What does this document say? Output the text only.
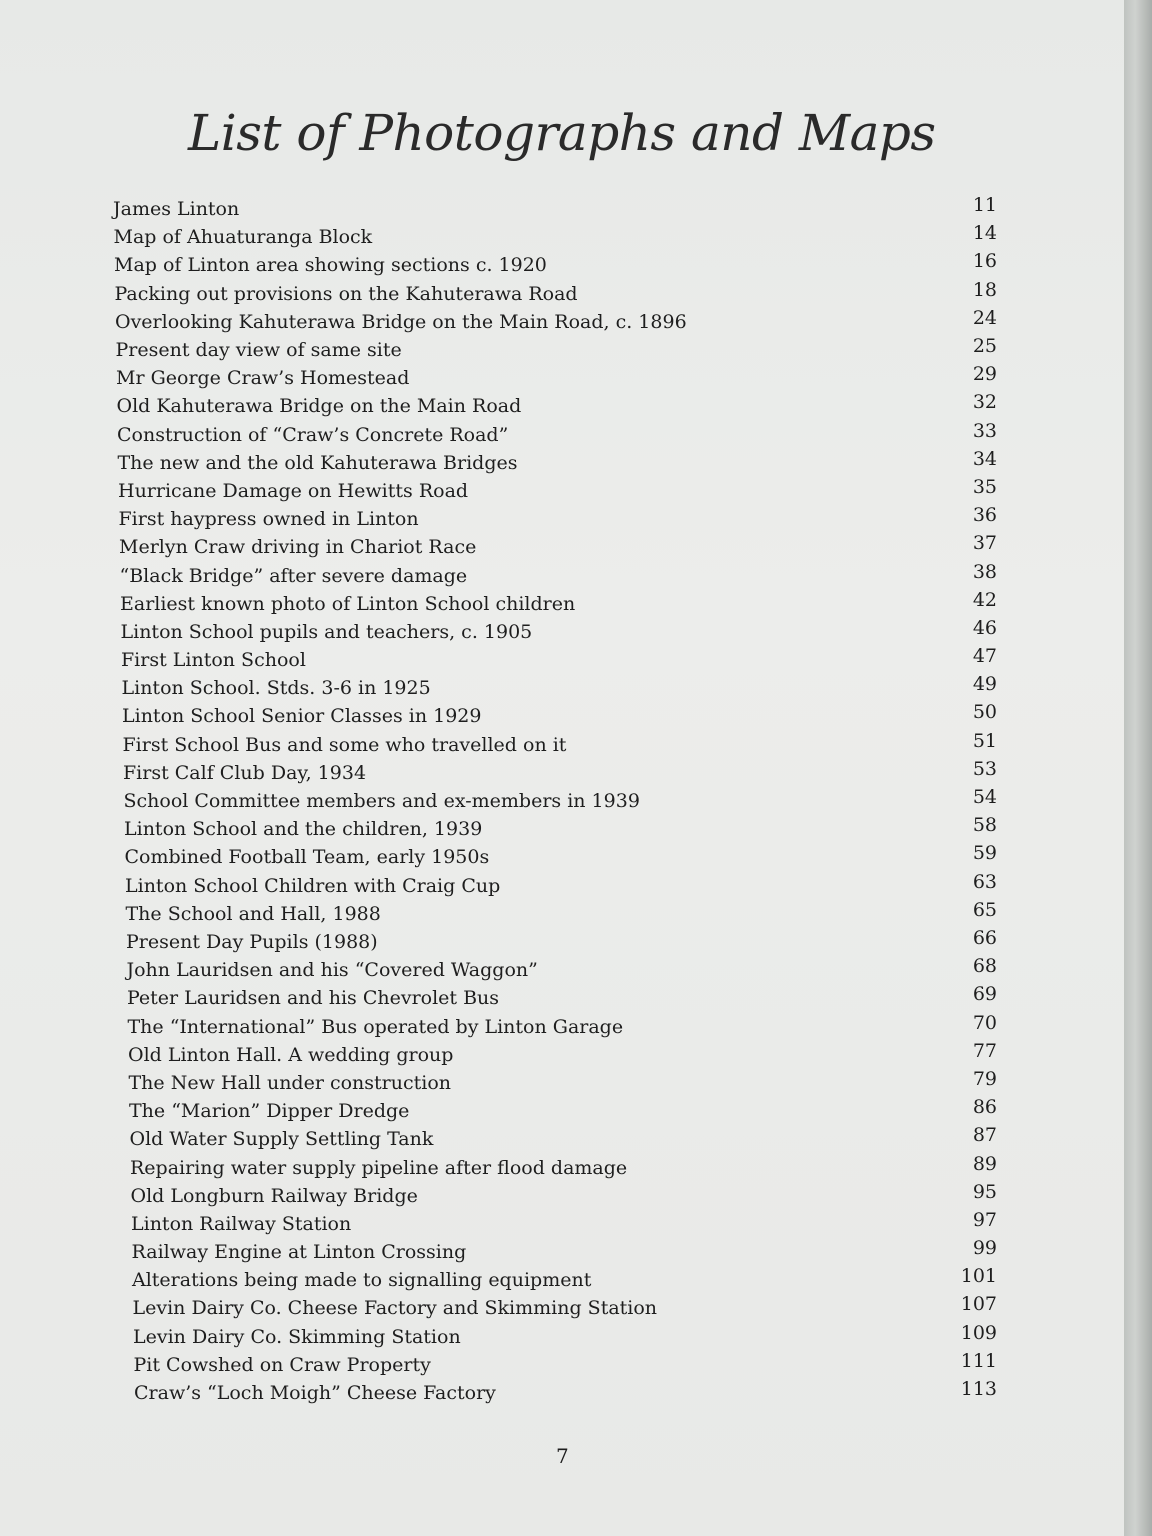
List of Photographs and Maps
James Linton	11
Map of Ahuaturanga Block	14
Map of Linton area showing sections c. 1920	16
Packing out provisions on the Kahuterawa Road	18
Overlooking Kahuterawa Bridge on the Main Road, c. 1896	24
Present day view of same site	25
Mr George Craw’s Homestead	29
Old Kahuterawa Bridge on the Main Road	32
Construction of “Craw’s Concrete Road”	33
The new and the old Kahuterawa Bridges	34
Hurricane Damage on Hewitts Road	35
First haypress owned in Linton	36
Merlyn Craw driving in Chariot Race	37
“Black Bridge” after severe damage	38
Earliest known photo of Linton School children	42
Linton School pupils and teachers, c. 1905	46
First Linton School	47
Linton School. Stds. 3-6 in 1925	49
Linton School Senior Classes in 1929	50
First School Bus and some who travelled on it	51
First Calf Club Day, 1934	53
School Committee members and ex-members in 1939	54
Linton School and the children, 1939	58
Combined Football Team, early 1950s	59
Linton School Children with Craig Cup	63
The School and Hall, 1988	65
Present Day Pupils (1988)	66
John Lauridsen and his “Covered Waggon”	68
Peter Lauridsen and his Chevrolet Bus	69
The “International” Bus operated by Linton Garage	70
Old Linton Hall. A wedding group	77
The New Hall under construction	79
The “Marion” Dipper Dredge	86
Old Water Supply Settling Tank	87
Repairing water supply pipeline after flood damage	89
Old Longburn Railway Bridge	95
Linton Railway Station	97
Railway Engine at Linton Crossing	99
Alterations being made to signalling equipment	101
Levin Dairy Co. Cheese Factory and Skimming Station	107
Levin Dairy Co. Skimming Station	109
Pit Cowshed on Craw Property	111
Craw’s “Loch Moigh” Cheese Factory	113
7
